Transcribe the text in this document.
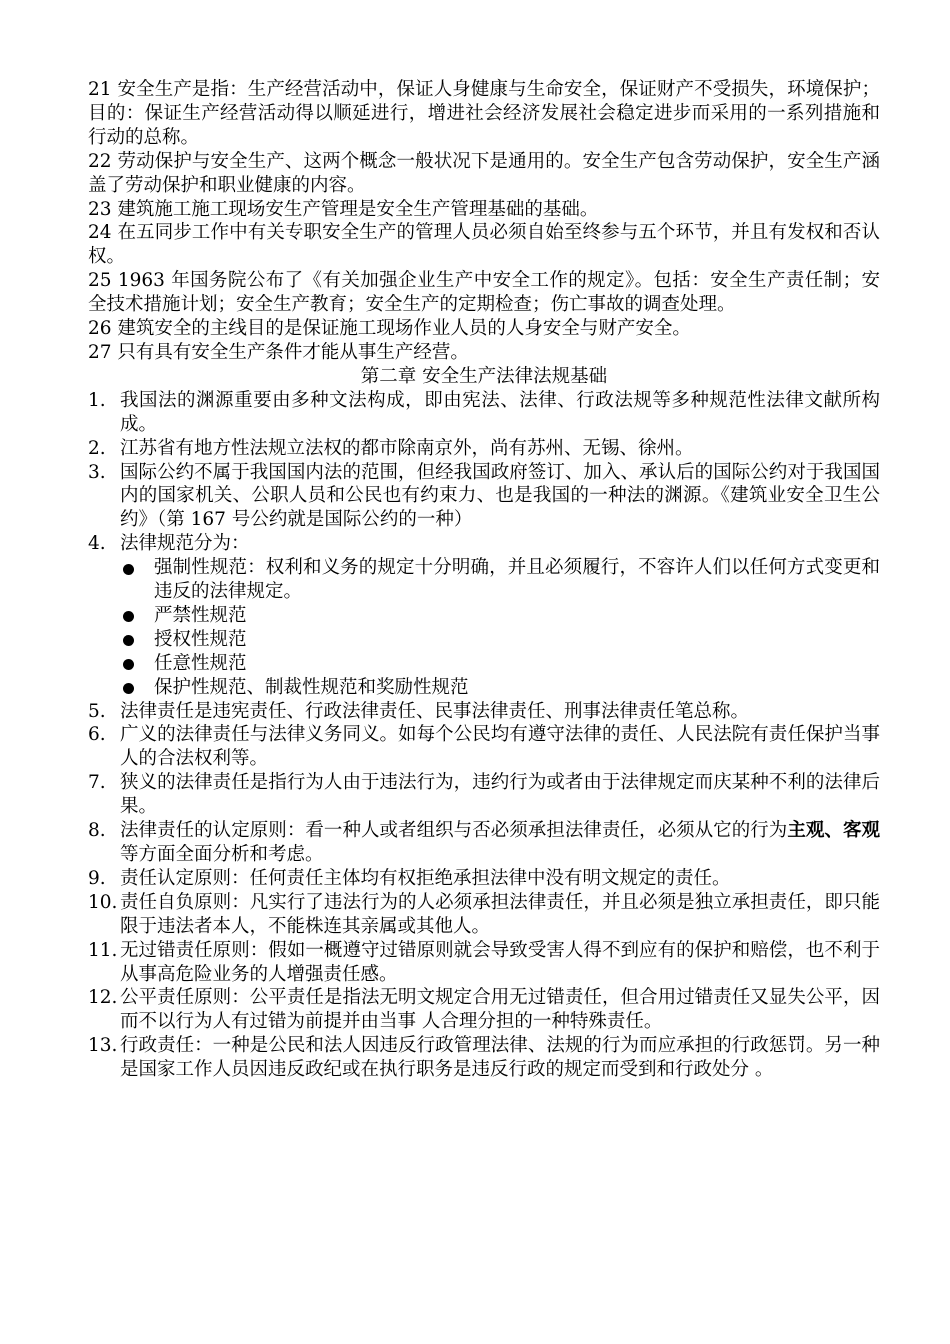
21 安全生产是指：生产经营活动中，保证人身健康与生命安全，保证财产不受损失，环境保护；目的：保证生产经营活动得以顺延进行，增进社会经济发展社会稳定进步而采用的一系列措施和行动的总称。

22 劳动保护与安全生产、这两个概念一般状况下是通用的。安全生产包含劳动保护，安全生产涵盖了劳动保护和职业健康的内容。

23 建筑施工施工现场安生产管理是安全生产管理基础的基础。

24 在五同步工作中有关专职安全生产的管理人员必须自始至终参与五个环节，并且有发权和否认权。

25 1963 年国务院公布了《有关加强企业生产中安全工作的规定》。包括：安全生产责任制；安全技术措施计划；安全生产教育；安全生产的定期检查；伤亡事故的调查处理。

26 建筑安全的主线目的是保证施工现场作业人员的人身安全与财产安全。

27 只有具有安全生产条件才能从事生产经营。

第二章 安全生产法律法规基础

1. 我国法的渊源重要由多种文法构成，即由宪法、法律、行政法规等多种规范性法律文献所构成。
2. 江苏省有地方性法规立法权的都市除南京外，尚有苏州、无锡、徐州。
3. 国际公约不属于我国国内法的范围，但经我国政府签订、加入、承认后的国际公约对于我国国内的国家机关、公职人员和公民也有约束力、也是我国的一种法的渊源。《建筑业安全卫生公约》（第 167 号公约就是国际公约的一种）
4. 法律规范分为：
强制性规范：权利和义务的规定十分明确，并且必须履行，不容许人们以任何方式变更和违反的法律规定。
严禁性规范
授权性规范
任意性规范
保护性规范、制裁性规范和奖励性规范
5. 法律责任是违宪责任、行政法律责任、民事法律责任、刑事法律责任笔总称。
6. 广义的法律责任与法律义务同义。如每个公民均有遵守法律的责任、人民法院有责任保护当事人的合法权利等。
7. 狭义的法律责任是指行为人由于违法行为，违约行为或者由于法律规定而庆某种不利的法律后果。
8. 法律责任的认定原则：看一种人或者组织与否必须承担法律责任，必须从它的行为主观、客观等方面全面分析和考虑。
9. 责任认定原则：任何责任主体均有权拒绝承担法律中没有明文规定的责任。
10. 责任自负原则：凡实行了违法行为的人必须承担法律责任，并且必须是独立承担责任，即只能限于违法者本人，不能株连其亲属或其他人。
11. 无过错责任原则：假如一概遵守过错原则就会导致受害人得不到应有的保护和赔偿，也不利于从事高危险业务的人增强责任感。
12. 公平责任原则：公平责任是指法无明文规定合用无过错责任，但合用过错责任又显失公平，因而不以行为人有过错为前提并由当事 人合理分担的一种特殊责任。
13. 行政责任：一种是公民和法人因违反行政管理法律、法规的行为而应承担的行政惩罚。另一种是国家工作人员因违反政纪或在执行职务是违反行政的规定而受到和行政处分 。
